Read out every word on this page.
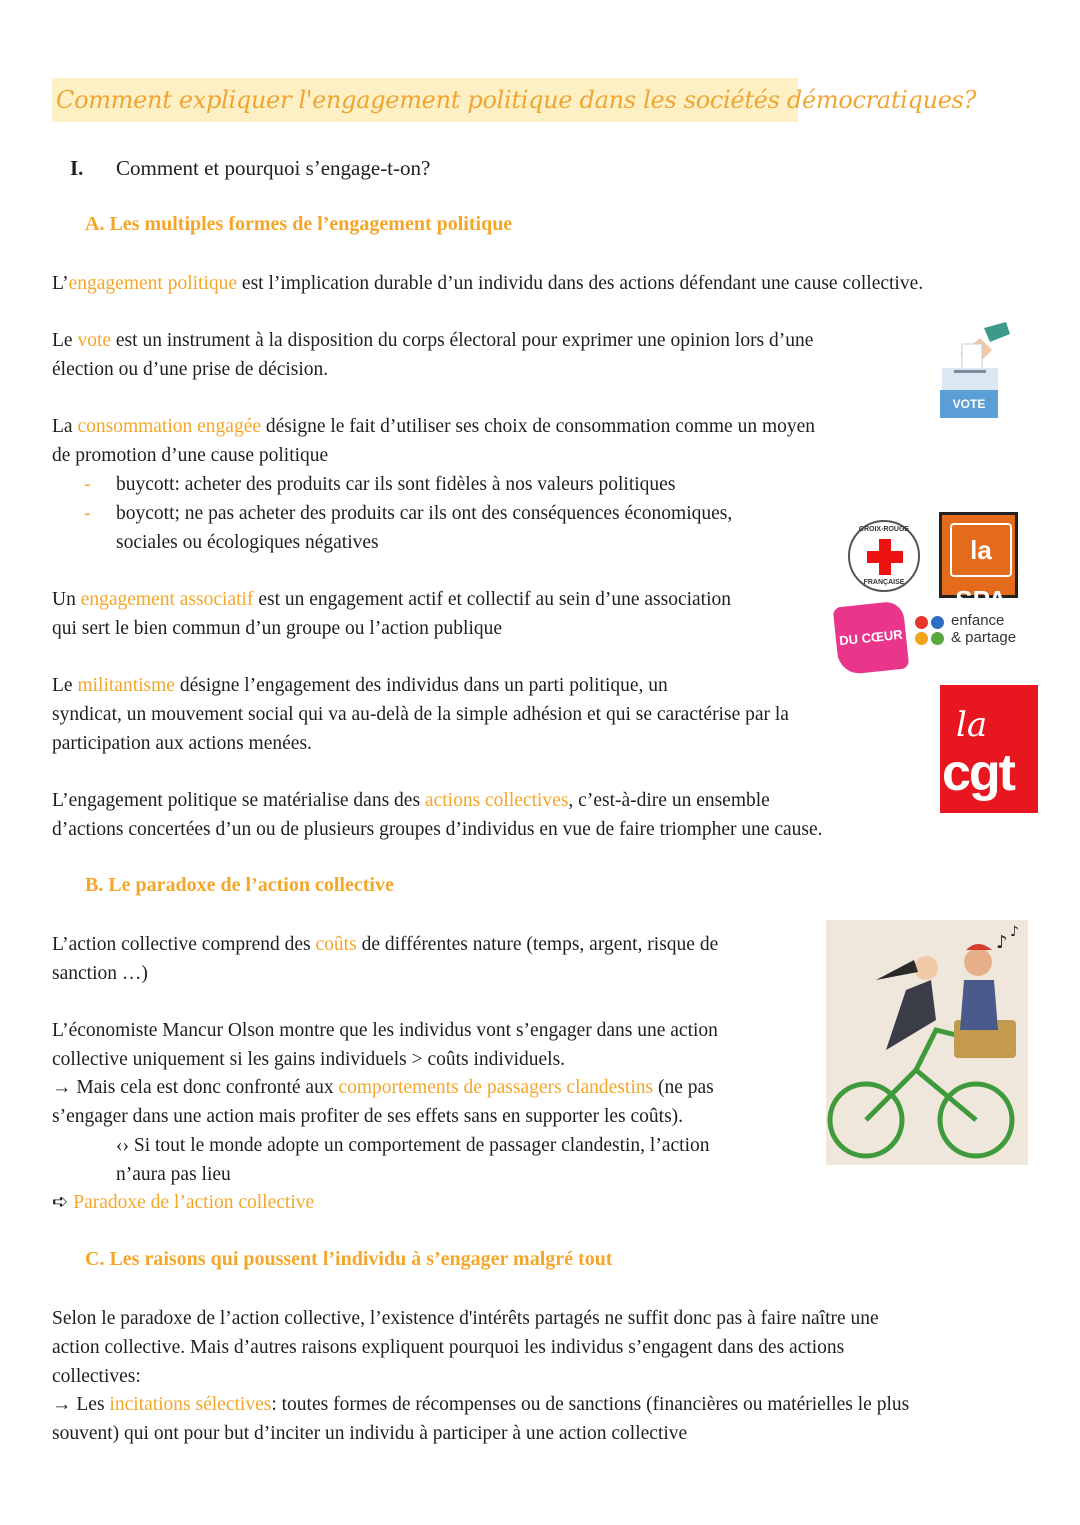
Comment expliquer l'engagement politique dans les sociétés démocratiques?
I. Comment et pourquoi s’engage-t-on?
A. Les multiples formes de l’engagement politique
L’engagement politique est l’implication durable d’un individu dans des actions défendant une cause collective.
Le vote est un instrument à la disposition du corps électoral pour exprimer une opinion lors d’une
élection ou d’une prise de décision.
VOTE
La consommation engagée désigne le fait d’utiliser ses choix de consommation comme un moyen
de promotion d’une cause politique
- buycott: acheter des produits car ils sont fidèles à nos valeurs politiques
- boycott; ne pas acheter des produits car ils ont des conséquences économiques,
sociales ou écologiques négatives
CROIX-ROUGE
FRANÇAISE
la SPA
DU CŒUR
enfance
& partage
Un engagement associatif est un engagement actif et collectif au sein d’une association
qui sert le bien commun d’un groupe ou l’action publique
Le militantisme désigne l’engagement des individus dans un parti politique, un
syndicat, un mouvement social qui va au-delà de la simple adhésion et qui se caractérise par la
participation aux actions menées.	la
cgt
L’engagement politique se matérialise dans des actions collectives, c’est-à-dire un ensemble
d’actions concertées d’un ou de plusieurs groupes d’individus en vue de faire triompher une cause.
B. Le paradoxe de l’action collective
L’action collective comprend des coûts de différentes nature (temps, argent, risque de
sanction …)
♪ ♪
L’économiste Mancur Olson montre que les individus vont s’engager dans une action
collective uniquement si les gains individuels > coûts individuels.
→ Mais cela est donc confronté aux comportements de passagers clandestins (ne pas
s’engager dans une action mais profiter de ses effets sans en supporter les coûts).
‹› Si tout le monde adopte un comportement de passager clandestin, l’action
n’aura pas lieu
➪ Paradoxe de l’action collective
C. Les raisons qui poussent l’individu à s’engager malgré tout
Selon le paradoxe de l’action collective, l’existence d'intérêts partagés ne suffit donc pas à faire naître une
action collective. Mais d’autres raisons expliquent pourquoi les individus s’engagent dans des actions
collectives:
→ Les incitations sélectives: toutes formes de récompenses ou de sanctions (financières ou matérielles le plus
souvent) qui ont pour but d’inciter un individu à participer à une action collective
